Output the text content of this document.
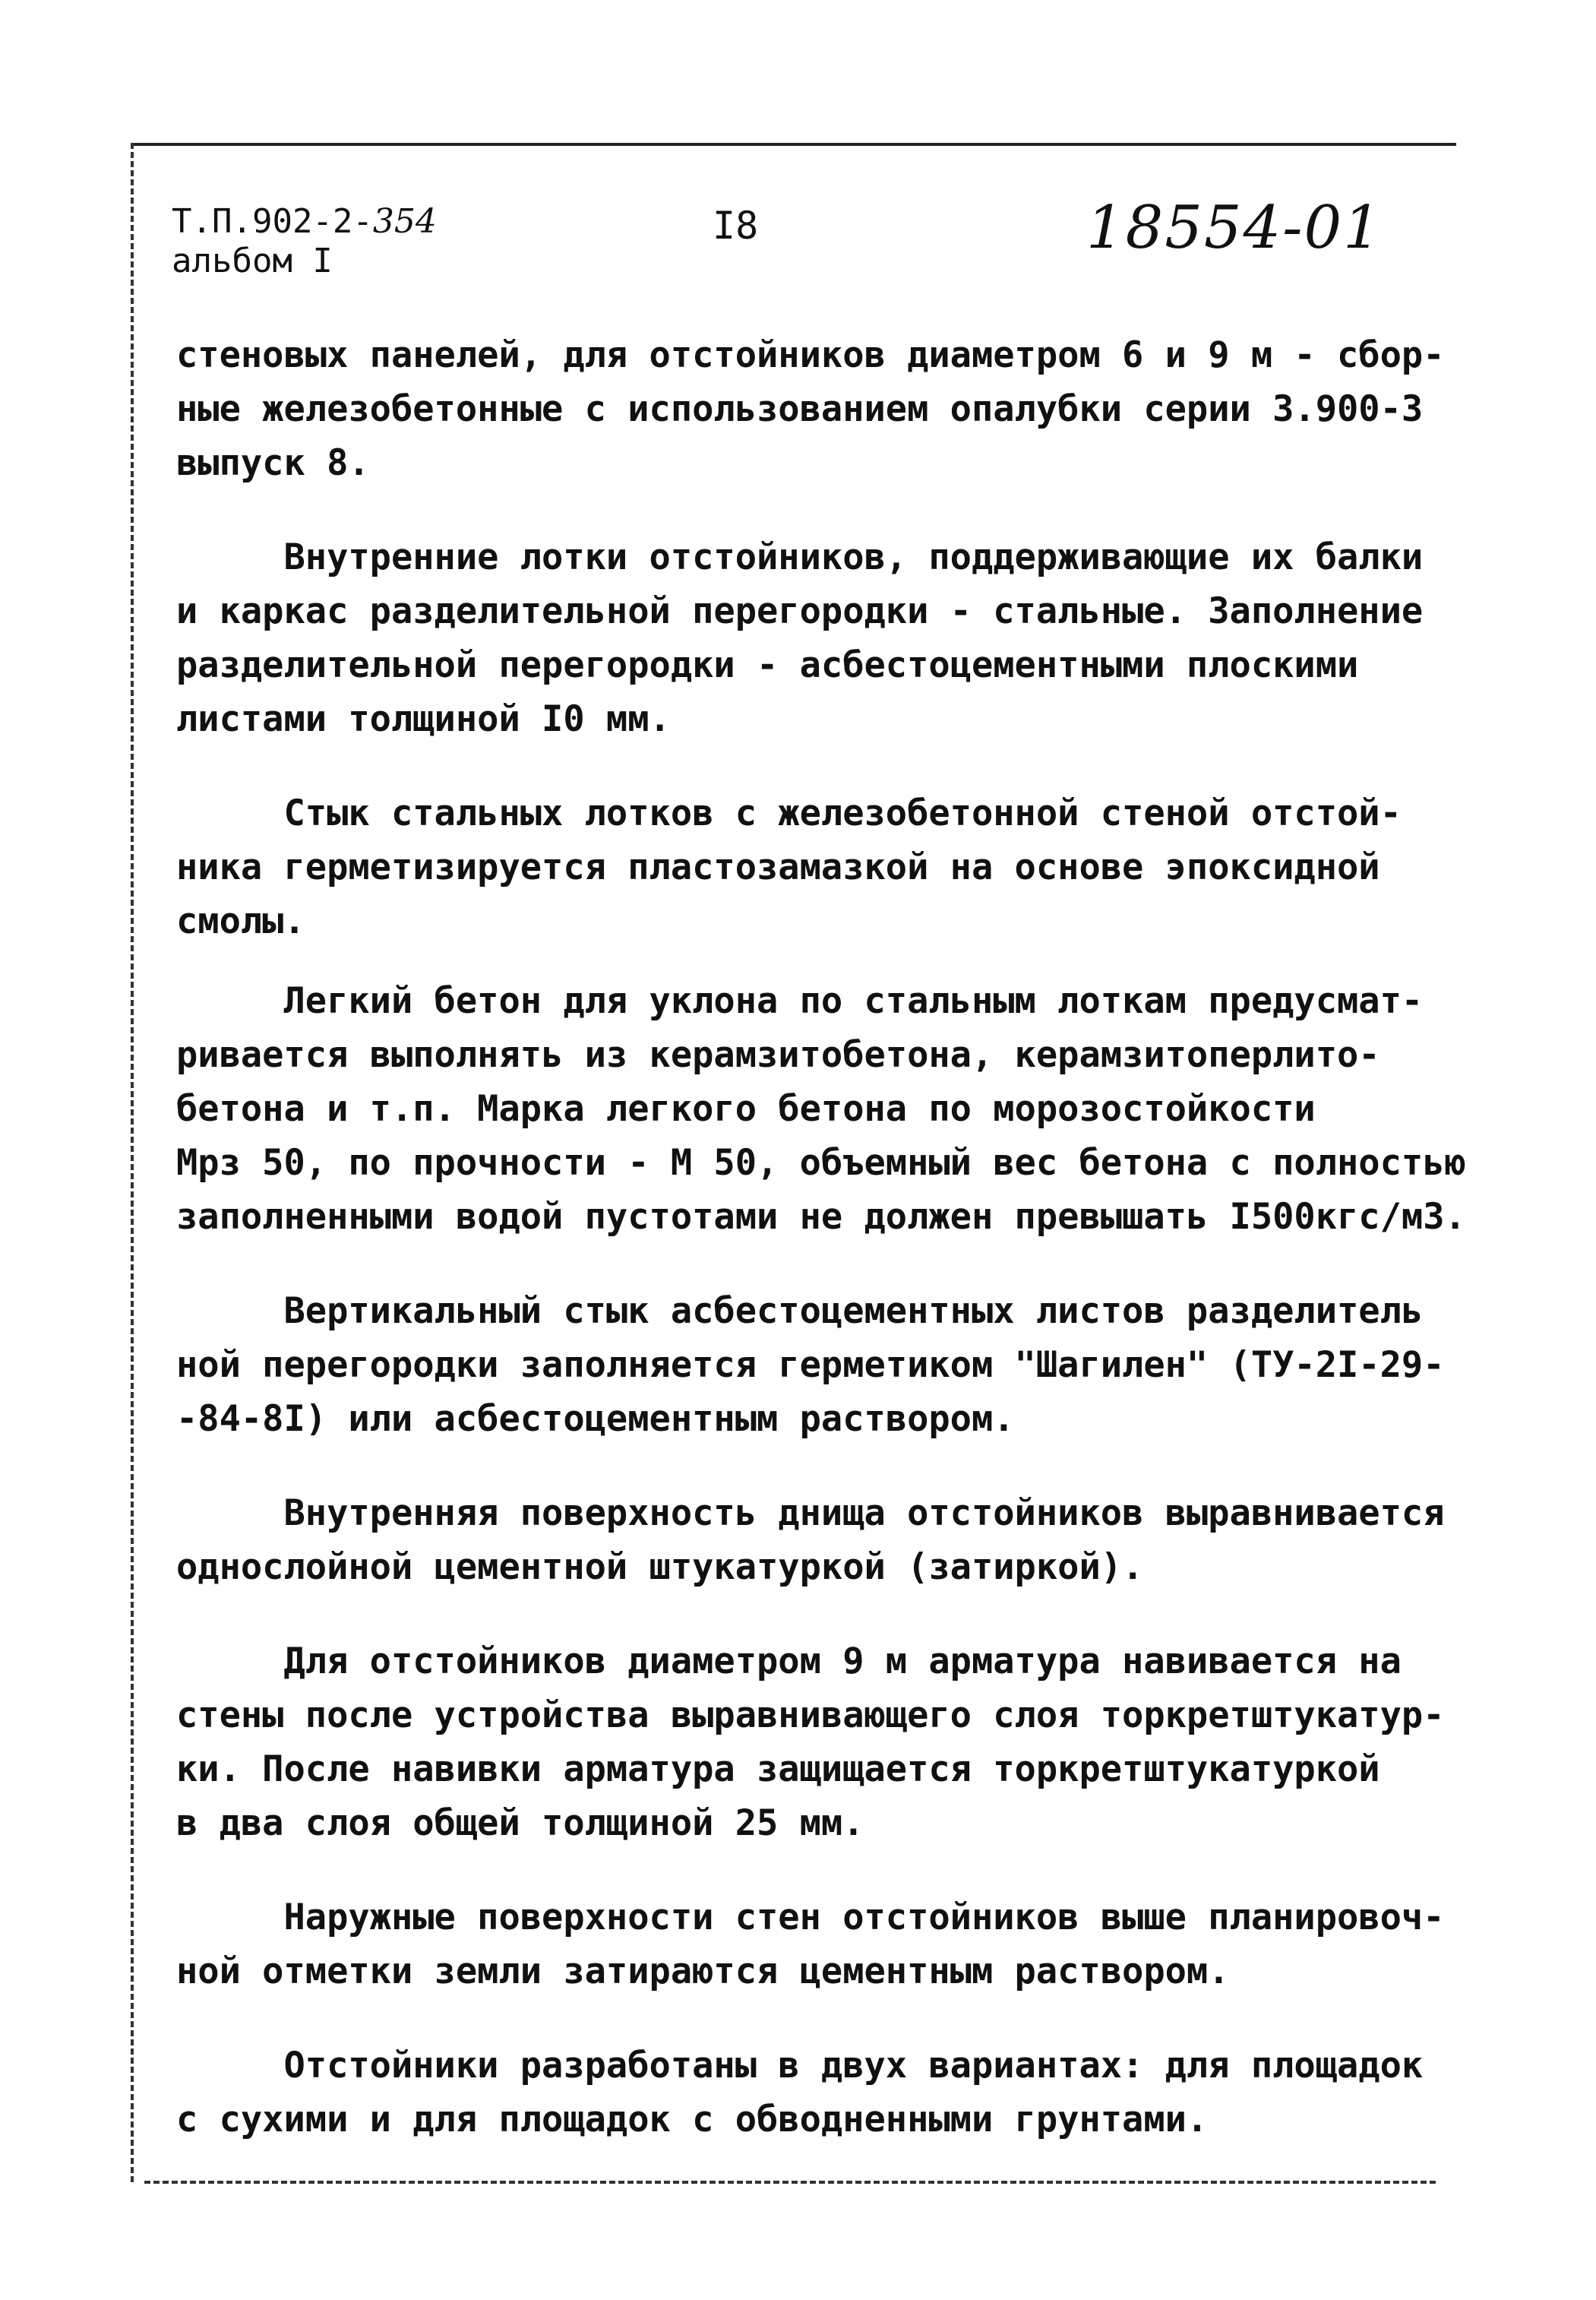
Т.П.902-2-354
альбом I
I8	18554-01

стеновых панелей, для отстойников диаметром 6 и 9 м - сбор-
ные железобетонные с использованием опалубки серии 3.900-3
выпуск 8.

Внутренние лотки отстойников, поддерживающие их балки
и каркас разделительной перегородки - стальные. Заполнение
разделительной перегородки - асбестоцементными плоскими
листами толщиной I0 мм.

Стык стальных лотков с железобетонной стеной отстой-
ника герметизируется пластозамазкой на основе эпоксидной
смолы.

Легкий бетон для уклона по стальным лоткам предусмат-
ривается выполнять из керамзитобетона, керамзитоперлито-
бетона и т.п. Марка легкого бетона по морозостойкости
Мрз 50, по прочности - М 50, объемный вес бетона с полностью
заполненными водой пустотами не должен превышать I500кгс/м3.

Вертикальный стык асбестоцементных листов разделитель
ной перегородки заполняется герметиком "Шагилен" (ТУ-2I-29-
-84-8I) или асбестоцементным раствором.

Внутренняя поверхность днища отстойников выравнивается
однослойной цементной штукатуркой (затиркой).

Для отстойников диаметром 9 м арматура навивается на
стены после устройства выравнивающего слоя торкретштукатур-
ки. После навивки арматура защищается торкретштукатуркой
в два слоя общей толщиной 25 мм.

Наружные поверхности стен отстойников выше планировоч-
ной отметки земли затираются цементным раствором.

Отстойники разработаны в двух вариантах: для площадок
с сухими и для площадок с обводненными грунтами.
